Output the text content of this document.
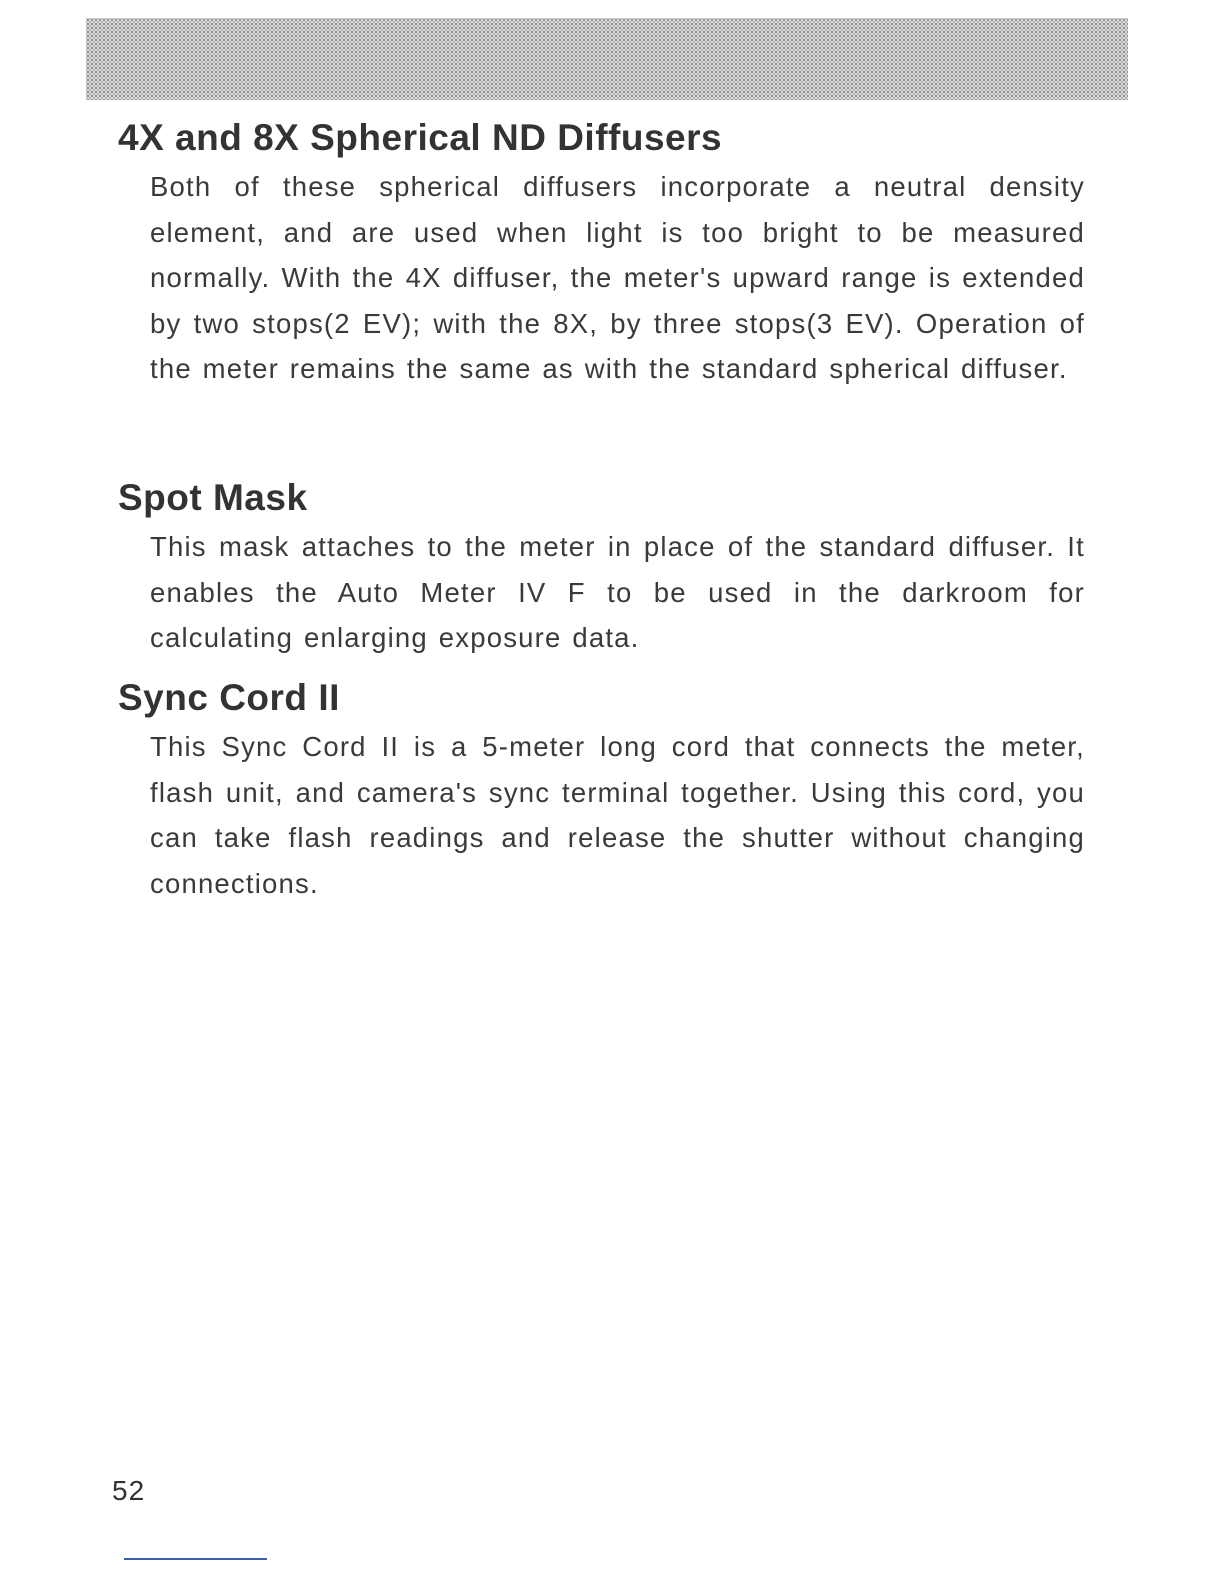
4X and 8X Spherical ND Diffusers

Both of these spherical diffusers incorporate a neutral density element, and are used when light is too bright to be measured normally. With the 4X diffuser, the meter's upward range is extended by two stops(2 EV); with the 8X, by three stops(3 EV). Operation of the meter remains the same as with the standard spherical diffuser.

Spot Mask

This mask attaches to the meter in place of the standard diffuser. It enables the Auto Meter IV F to be used in the darkroom for calculating enlarging exposure data.

Sync Cord II

This Sync Cord II is a 5-meter long cord that connects the meter, flash unit, and camera's sync terminal together. Using this cord, you can take flash readings and release the shutter without changing connections.

52
